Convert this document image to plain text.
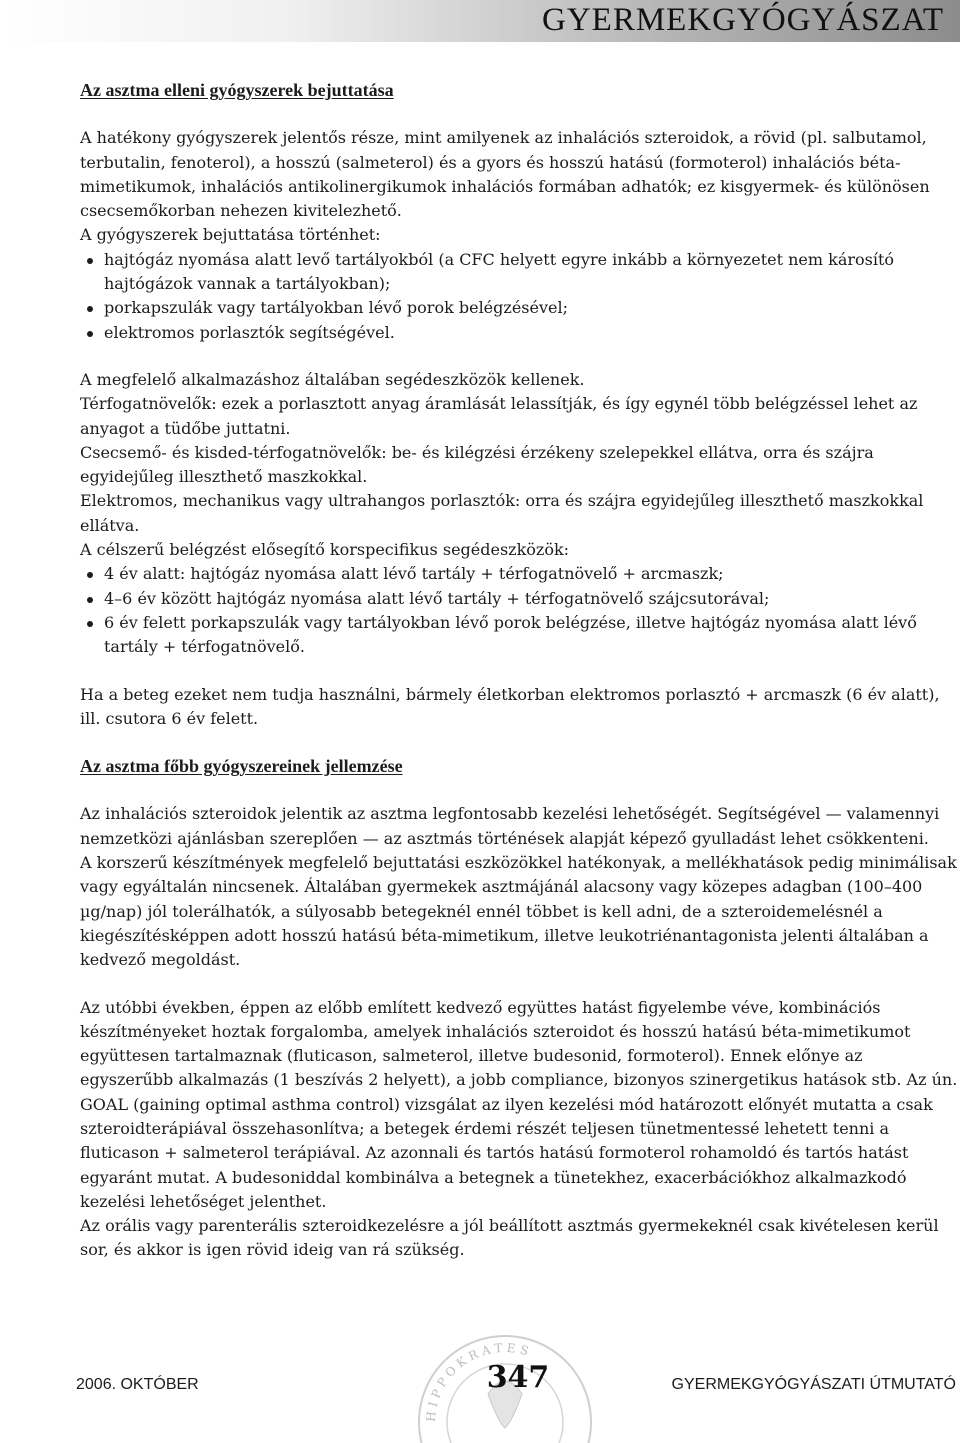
GYERMEKGYÓGYÁSZAT
Az asztma elleni gyógyszerek bejuttatása

A hatékony gyógyszerek jelentős része, mint amilyenek az inhalációs szteroidok, a rövid (pl. salbutamol, terbutalin, fenoterol), a hosszú (salmeterol) és a gyors és hosszú hatású (formoterol) inhalációs béta-mimetikumok, inhalációs antikolinergikumok inhalációs formában adhatók; ez kisgyermek- és különösen csecsemőkorban nehezen kivitelezhető.

A gyógyszerek bejuttatása történhet:

hajtógáz nyomása alatt levő tartályokból (a CFC helyett egyre inkább a környezetet nem károsító hajtógázok vannak a tartályokban);
porkapszulák vagy tartályokban lévő porok belégzésével;
elektromos porlasztók segítségével.

A megfelelő alkalmazáshoz általában segédeszközök kellenek.

Térfogatnövelők: ezek a porlasztott anyag áramlását lelassítják, és így egynél több belégzéssel lehet az anyagot a tüdőbe juttatni.

Csecsemő- és kisded-térfogatnövelők: be- és kilégzési érzékeny szelepekkel ellátva, orra és szájra egyidejűleg illeszthető maszkokkal.

Elektromos, mechanikus vagy ultrahangos porlasztók: orra és szájra egyidejűleg illeszthető maszkokkal ellátva.

A célszerű belégzést elősegítő korspecifikus segédeszközök:

4 év alatt: hajtógáz nyomása alatt lévő tartály + térfogatnövelő + arcmaszk;
4–6 év között hajtógáz nyomása alatt lévő tartály + térfogatnövelő szájcsutorával;
6 év felett porkapszulák vagy tartályokban lévő porok belégzése, illetve hajtógáz nyomása alatt lévő tartály + térfogatnövelő.

Ha a beteg ezeket nem tudja használni, bármely életkorban elektromos porlasztó + arcmaszk (6 év alatt), ill. csutora 6 év felett.

Az asztma főbb gyógyszereinek jellemzése

Az inhalációs szteroidok jelentik az asztma legfontosabb kezelési lehetőségét. Segítségével — valamennyi nemzetközi ajánlásban szereplően — az asztmás történések alapját képező gyulladást lehet csökkenteni.

A korszerű készítmények megfelelő bejuttatási eszközökkel hatékonyak, a mellékhatások pedig minimálisak vagy egyáltalán nincsenek. Általában gyermekek asztmájánál alacsony vagy közepes adagban (100–400 µg/nap) jól tolerálhatók, a súlyosabb betegeknél ennél többet is kell adni, de a szteroidemelésnél a kiegészítésképpen adott hosszú hatású béta-mimetikum, illetve leukotriénantagonista jelenti általában a kedvező megoldást.

Az utóbbi években, éppen az előbb említett kedvező együttes hatást figyelembe véve, kombinációs készítményeket hoztak forgalomba, amelyek inhalációs szteroidot és hosszú hatású béta-mimetikumot együttesen tartalmaznak (fluticason, salmeterol, illetve budesonid, formoterol). Ennek előnye az egyszerűbb alkalmazás (1 beszívás 2 helyett), a jobb compliance, bizonyos szinergetikus hatások stb. Az ún. GOAL (gaining optimal asthma control) vizsgálat az ilyen kezelési mód határozott előnyét mutatta a csak szteroidterápiával összehasonlítva; a betegek érdemi részét teljesen tünetmentessé lehetett tenni a fluticason + salmeterol terápiával. Az azonnali és tartós hatású formoterol rohamoldó és tartós hatást egyaránt mutat. A budesoniddal kombinálva a betegnek a tünetekhez, exacerbációkhoz alkalmazkodó kezelési lehetőséget jelenthet.

Az orális vagy parenterális szteroidkezelésre a jól beállított asztmás gyermekeknél csak kivételesen kerül sor, és akkor is igen rövid ideig van rá szükség.

HIPPOKRATES
2006. OKTÓBER	347	GYERMEKGYÓGYÁSZATI ÚTMUTATÓ
